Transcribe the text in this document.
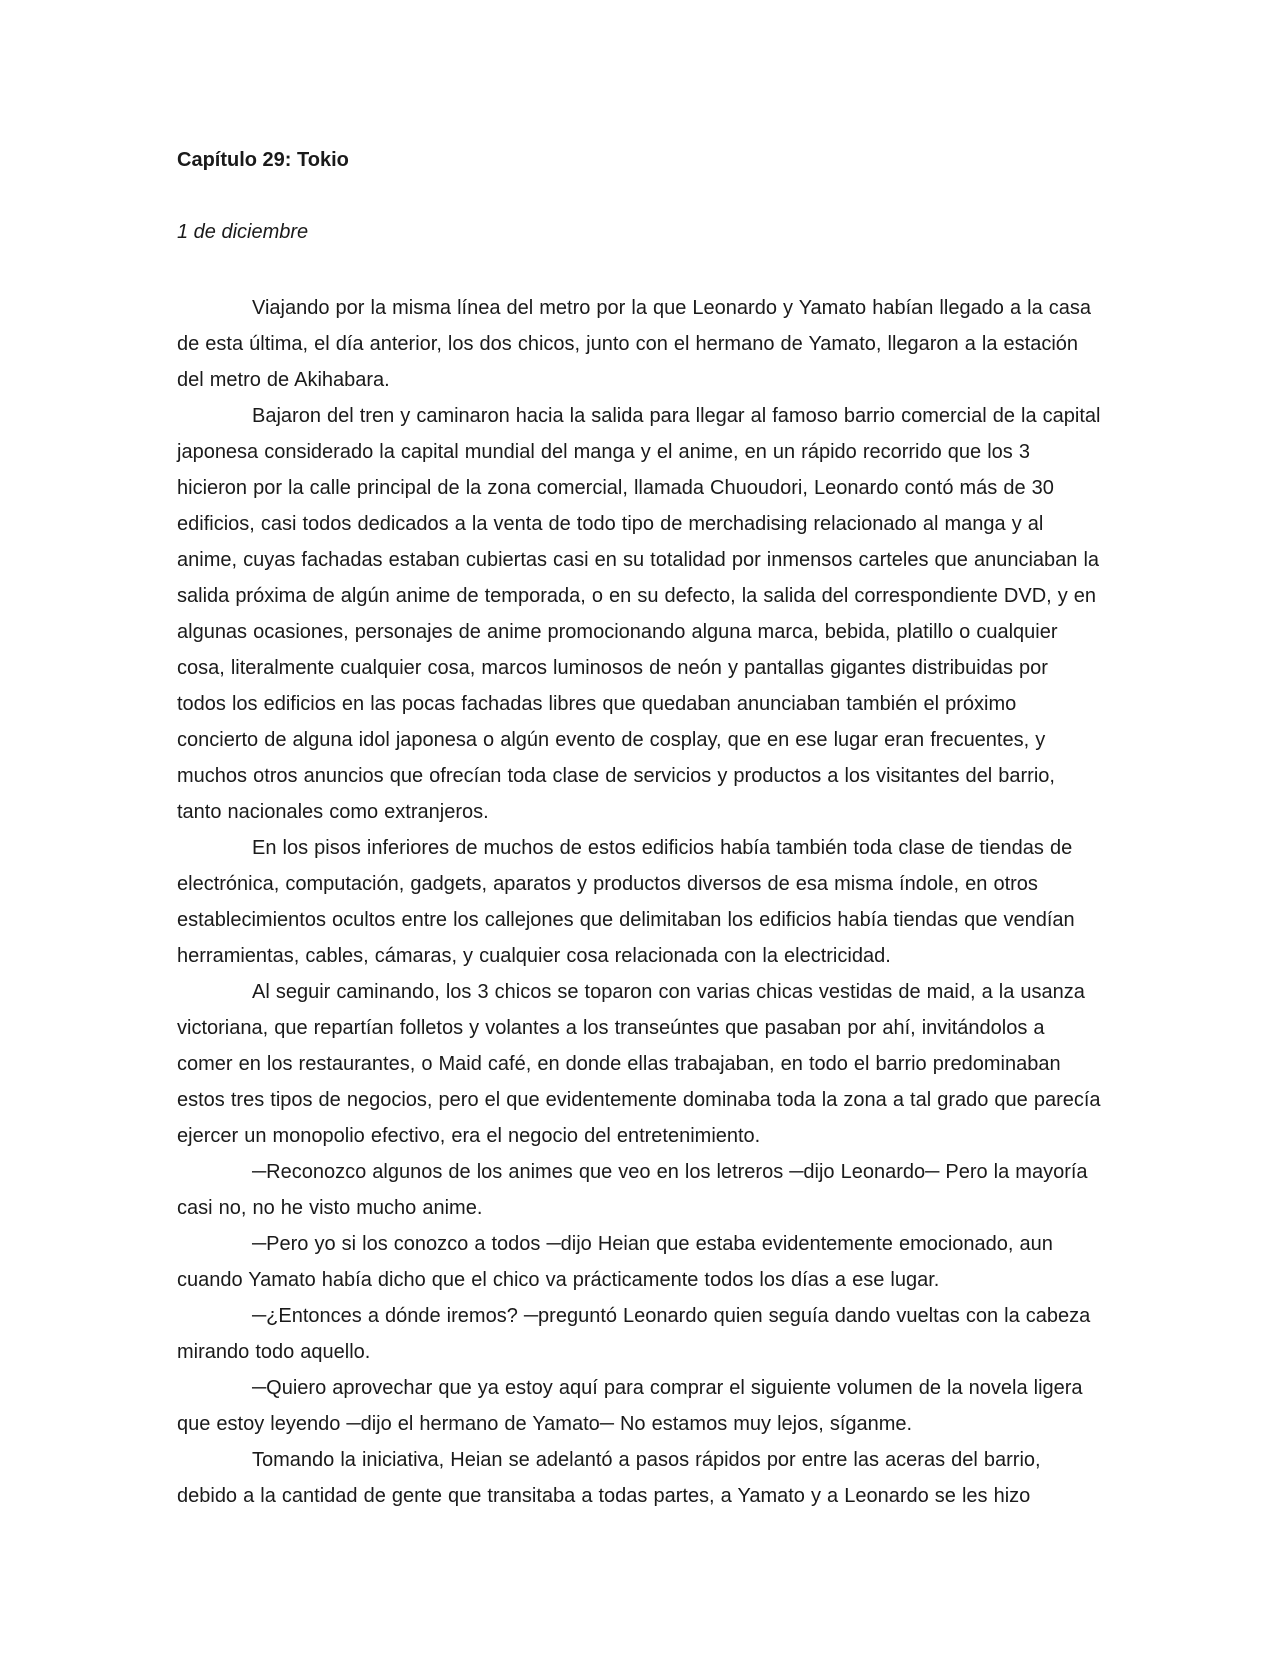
Capítulo 29: Tokio

1 de diciembre

Viajando por la misma línea del metro por la que Leonardo y Yamato habían llegado a la casa de esta última, el día anterior, los dos chicos, junto con el hermano de Yamato, llegaron a la estación del metro de Akihabara.

Bajaron del tren y caminaron hacia la salida para llegar al famoso barrio comercial de la capital japonesa considerado la capital mundial del manga y el anime, en un rápido recorrido que los 3 hicieron por la calle principal de la zona comercial, llamada Chuoudori, Leonardo contó más de 30 edificios, casi todos dedicados a la venta de todo tipo de merchadising relacionado al manga y al anime, cuyas fachadas estaban cubiertas casi en su totalidad por inmensos carteles que anunciaban la salida próxima de algún anime de temporada, o en su defecto, la salida del correspondiente DVD, y en algunas ocasiones, personajes de anime promocionando alguna marca, bebida, platillo o cualquier cosa, literalmente cualquier cosa, marcos luminosos de neón y pantallas gigantes distribuidas por todos los edificios en las pocas fachadas libres que quedaban anunciaban también el próximo concierto de alguna idol japonesa o algún evento de cosplay, que en ese lugar eran frecuentes, y muchos otros anuncios que ofrecían toda clase de servicios y productos a los visitantes del barrio, tanto nacionales como extranjeros.

En los pisos inferiores de muchos de estos edificios había también toda clase de tiendas de electrónica, computación, gadgets, aparatos y productos diversos de esa misma índole, en otros establecimientos ocultos entre los callejones que delimitaban los edificios había tiendas que vendían herramientas, cables, cámaras, y cualquier cosa relacionada con la electricidad.

Al seguir caminando, los 3 chicos se toparon con varias chicas vestidas de maid, a la usanza victoriana, que repartían folletos y volantes a los transeúntes que pasaban por ahí, invitándolos a comer en los restaurantes, o Maid café, en donde ellas trabajaban, en todo el barrio predominaban estos tres tipos de negocios, pero el que evidentemente dominaba toda la zona a tal grado que parecía ejercer un monopolio efectivo, era el negocio del entretenimiento.

─Reconozco algunos de los animes que veo en los letreros ─dijo Leonardo─ Pero la mayoría casi no, no he visto mucho anime.

─Pero yo si los conozco a todos ─dijo Heian que estaba evidentemente emocionado, aun cuando Yamato había dicho que el chico va prácticamente todos los días a ese lugar.

─¿Entonces a dónde iremos? ─preguntó Leonardo quien seguía dando vueltas con la cabeza mirando todo aquello.

─Quiero aprovechar que ya estoy aquí para comprar el siguiente volumen de la novela ligera que estoy leyendo ─dijo el hermano de Yamato─ No estamos muy lejos, síganme.

Tomando la iniciativa, Heian se adelantó a pasos rápidos por entre las aceras del barrio, debido a la cantidad de gente que transitaba a todas partes, a Yamato y a Leonardo se les hizo
